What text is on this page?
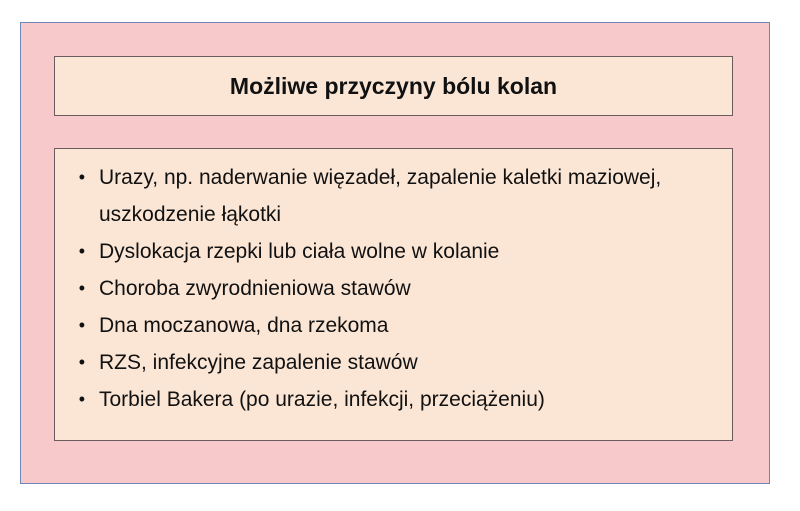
Możliwe przyczyny bólu kolan
• Urazy, np. naderwanie więzadeł, zapalenie kaletki maziowej, uszkodzenie łąkotki
• Dyslokacja rzepki lub ciała wolne w kolanie
• Choroba zwyrodnieniowa stawów
• Dna moczanowa, dna rzekoma
• RZS, infekcyjne zapalenie stawów
• Torbiel Bakera (po urazie, infekcji, przeciążeniu)
